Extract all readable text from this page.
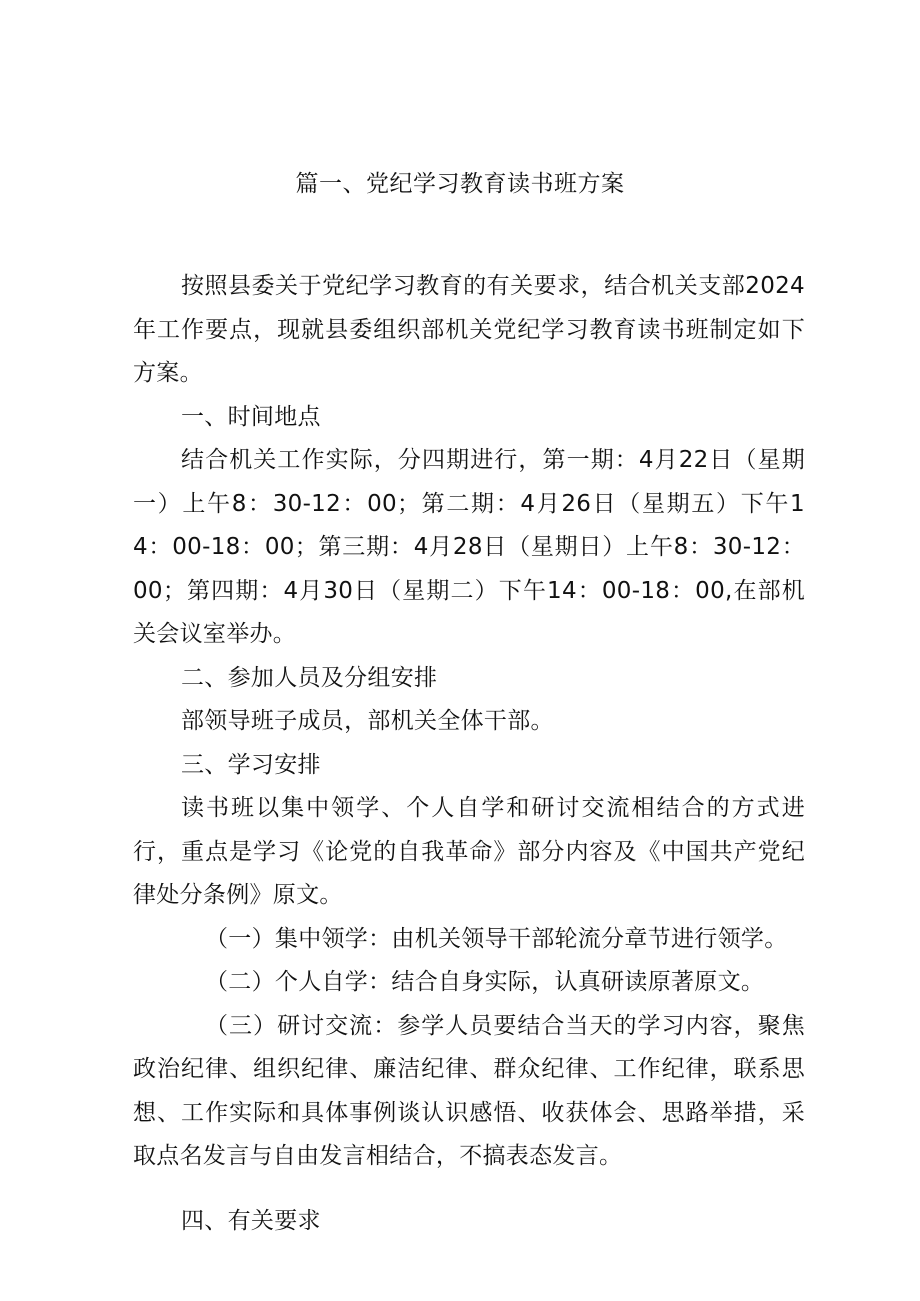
篇一、党纪学习教育读书班方案

按照县委关于党纪学习教育的有关要求，结合机关支部2024年工作要点，现就县委组织部机关党纪学习教育读书班制定如下方案。

一、时间地点

结合机关工作实际，分四期进行，第一期：4月22日（星期一）上午8：30-12：00；第二期：4月26日（星期五）下午14：00-18：00；第三期：4月28日（星期日）上午8：30-12：00；第四期：4月30日（星期二）下午14：00-18：00,在部机关会议室举办。

二、参加人员及分组安排

部领导班子成员，部机关全体干部。

三、学习安排

读书班以集中领学、个人自学和研讨交流相结合的方式进行，重点是学习《论党的自我革命》部分内容及《中国共产党纪律处分条例》原文。

（一）集中领学：由机关领导干部轮流分章节进行领学。

（二）个人自学：结合自身实际，认真研读原著原文。

（三）研讨交流：参学人员要结合当天的学习内容，聚焦政治纪律、组织纪律、廉洁纪律、群众纪律、工作纪律，联系思想、工作实际和具体事例谈认识感悟、收获体会、思路举措，采取点名发言与自由发言相结合，不搞表态发言。

四、有关要求
